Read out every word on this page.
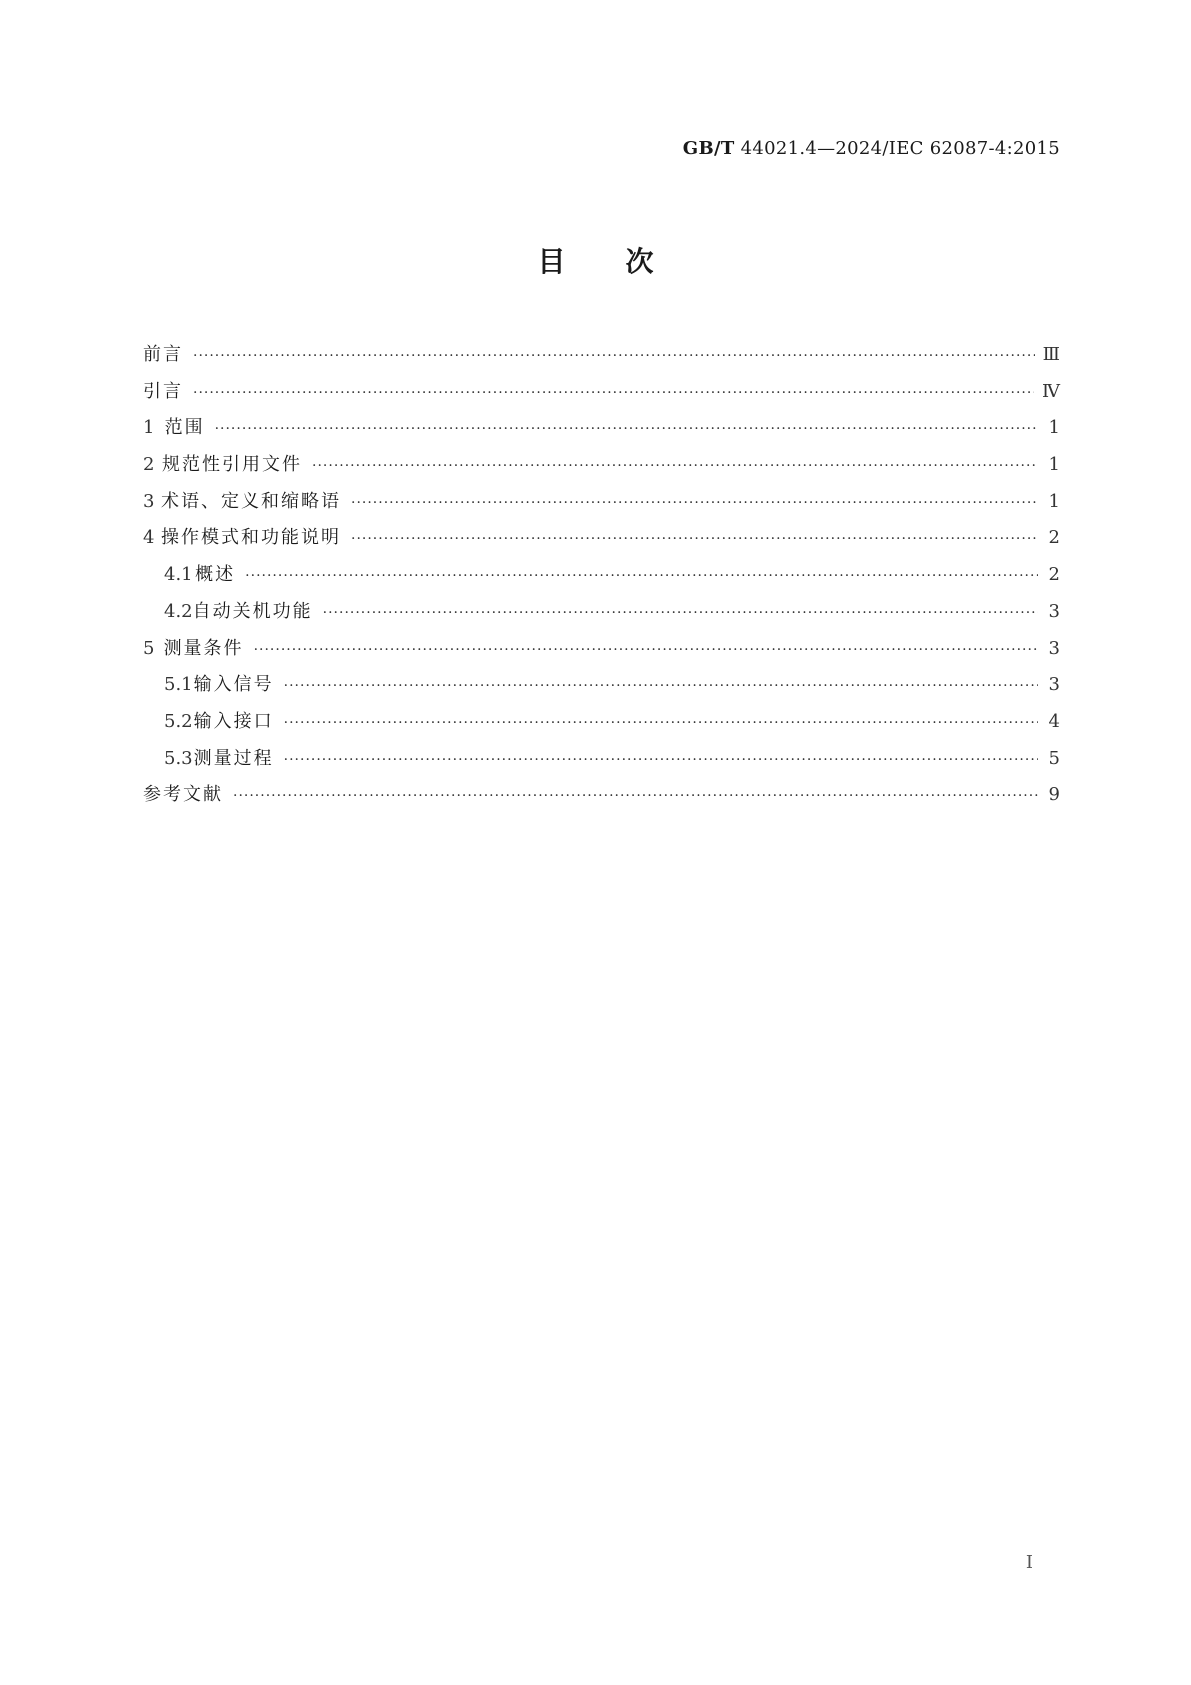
GB/T 44021.4—2024/IEC 62087-4:2015
目次
前言 ·····	Ⅲ
引言 ·····	Ⅳ
1 范围 ·····	1
2 规范性引用文件 ·····	1
3 术语、定义和缩略语 ·····	1
4 操作模式和功能说明 ·····	2
4.1 概述 ·····	2
4.2 自动关机功能 ·····	3
5 测量条件 ·····	3
5.1 输入信号 ·····	3
5.2 输入接口 ·····	4
5.3 测量过程 ·····	5
参考文献 ·····	9
Ⅰ
